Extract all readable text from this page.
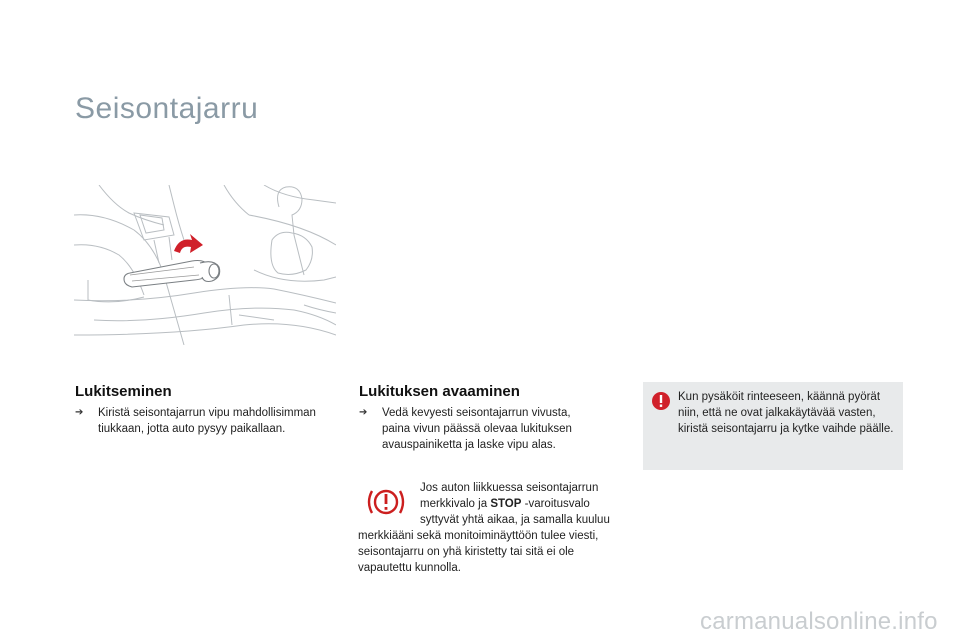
Seisontajarru
Lukitseminen
➔ Kiristä seisontajarrun vipu mahdollisimman tiukkaan, jotta auto pysyy paikallaan.
Lukituksen avaaminen
➔ Vedä kevyesti seisontajarrun vivusta, paina vivun päässä olevaa lukituksen avauspainiketta ja laske vipu alas.
Jos auton liikkuessa seisontajarrun merkkivalo ja STOP -varoitusvalo syttyvät yhtä aikaa, ja samalla kuuluu merkkiääni sekä monitoiminäyttöön tulee viesti, seisontajarru on yhä kiristetty tai sitä ei ole vapautettu kunnolla.
Kun pysäköit rinteeseen, käännä pyörät niin, että ne ovat jalkakäytävää vasten, kiristä seisontajarru ja kytke vaihde päälle.
carmanualsonline.info
